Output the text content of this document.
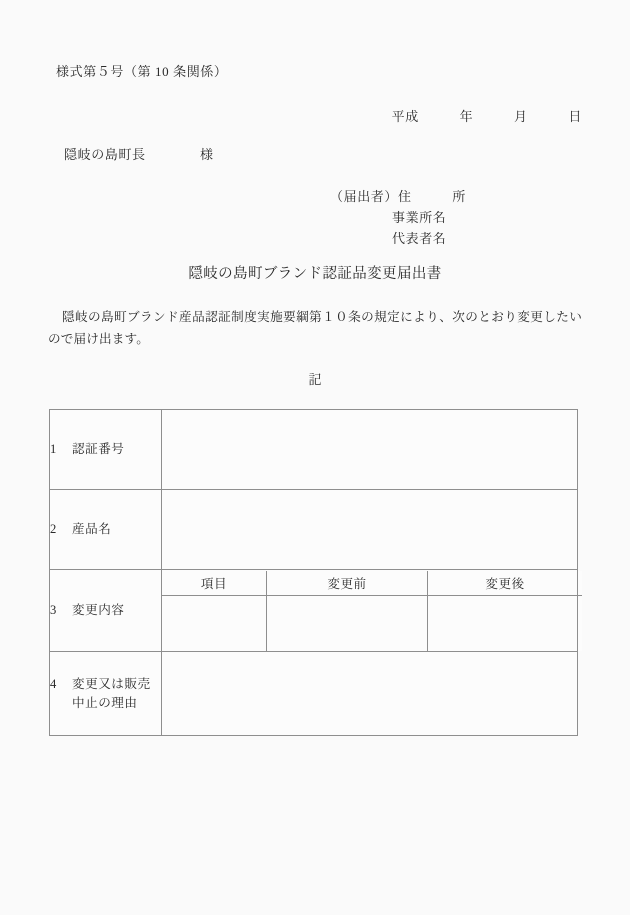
様式第５号（第 10 条関係）
平成　　　年　　　月　　　日
隠岐の島町長　　　　様
（届出者）住　　　所
事業所名
代表者名
隠岐の島町ブランド認証品変更届出書
隠岐の島町ブランド産品認証制度実施要綱第１０条の規定により、次のとおり変更したいので届け出ます。
記
1 認証番号	
2 産品名	
3 変更内容	
項目	変更前	変更後

4 変更又は販売
中止の理由	
